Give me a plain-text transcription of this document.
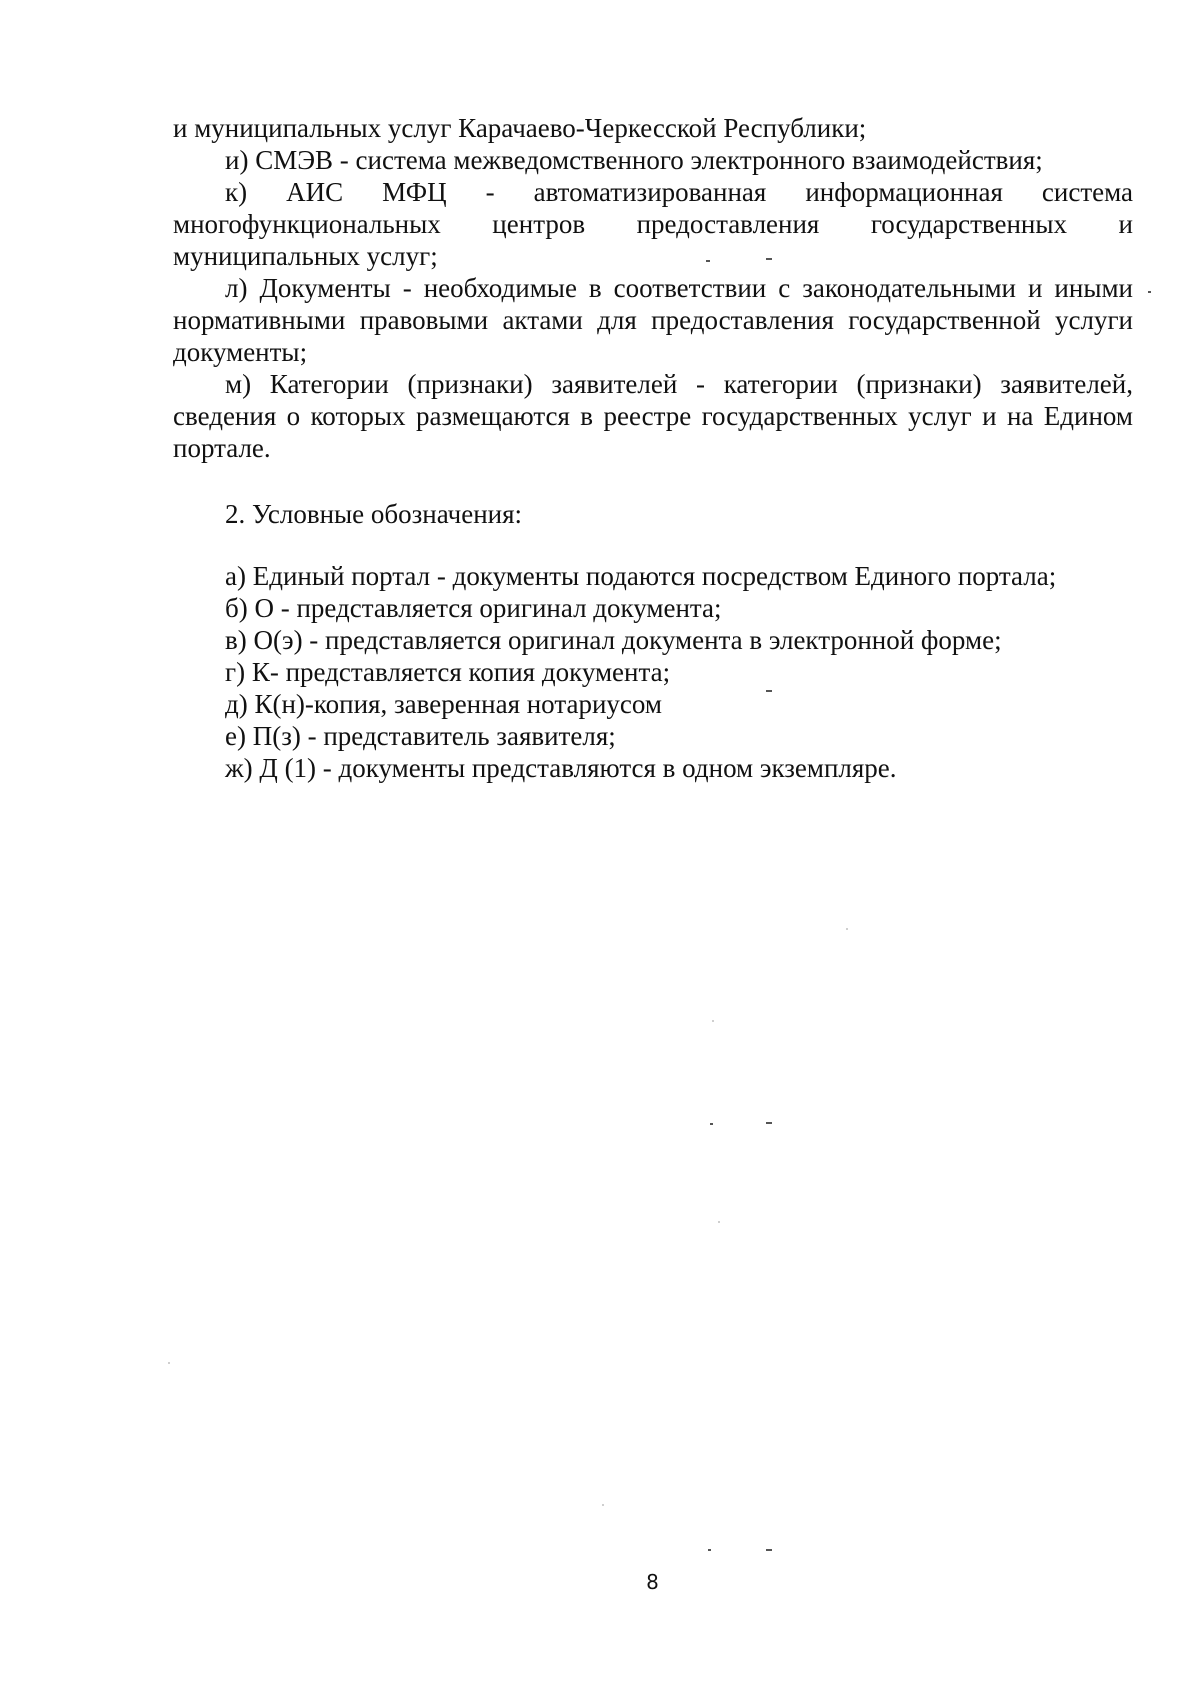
и муниципальных услуг Карачаево-Черкесской Республики;

и) СМЭВ - система межведомственного электронного взаимодействия;

к) АИС МФЦ - автоматизированная информационная система многофункциональных центров предоставления государственных и муниципальных услуг;

л) Документы - необходимые в соответствии с законодательными и иными нормативными правовыми актами для предоставления государственной услуги документы;

м) Категории (признаки) заявителей - категории (признаки) заявителей, сведения о которых размещаются в реестре государственных услуг и на Едином портале.

2. Условные обозначения:

а) Единый портал - документы подаются посредством Единого портала;
б) О - представляется оригинал документа;
в) О(э) - представляется оригинал документа в электронной форме;
г) К- представляется копия документа;
д) К(н)-копия, заверенная нотариусом
е) П(з) - представитель заявителя;
ж) Д (1) - документы представляются в одном экземпляре.
8
